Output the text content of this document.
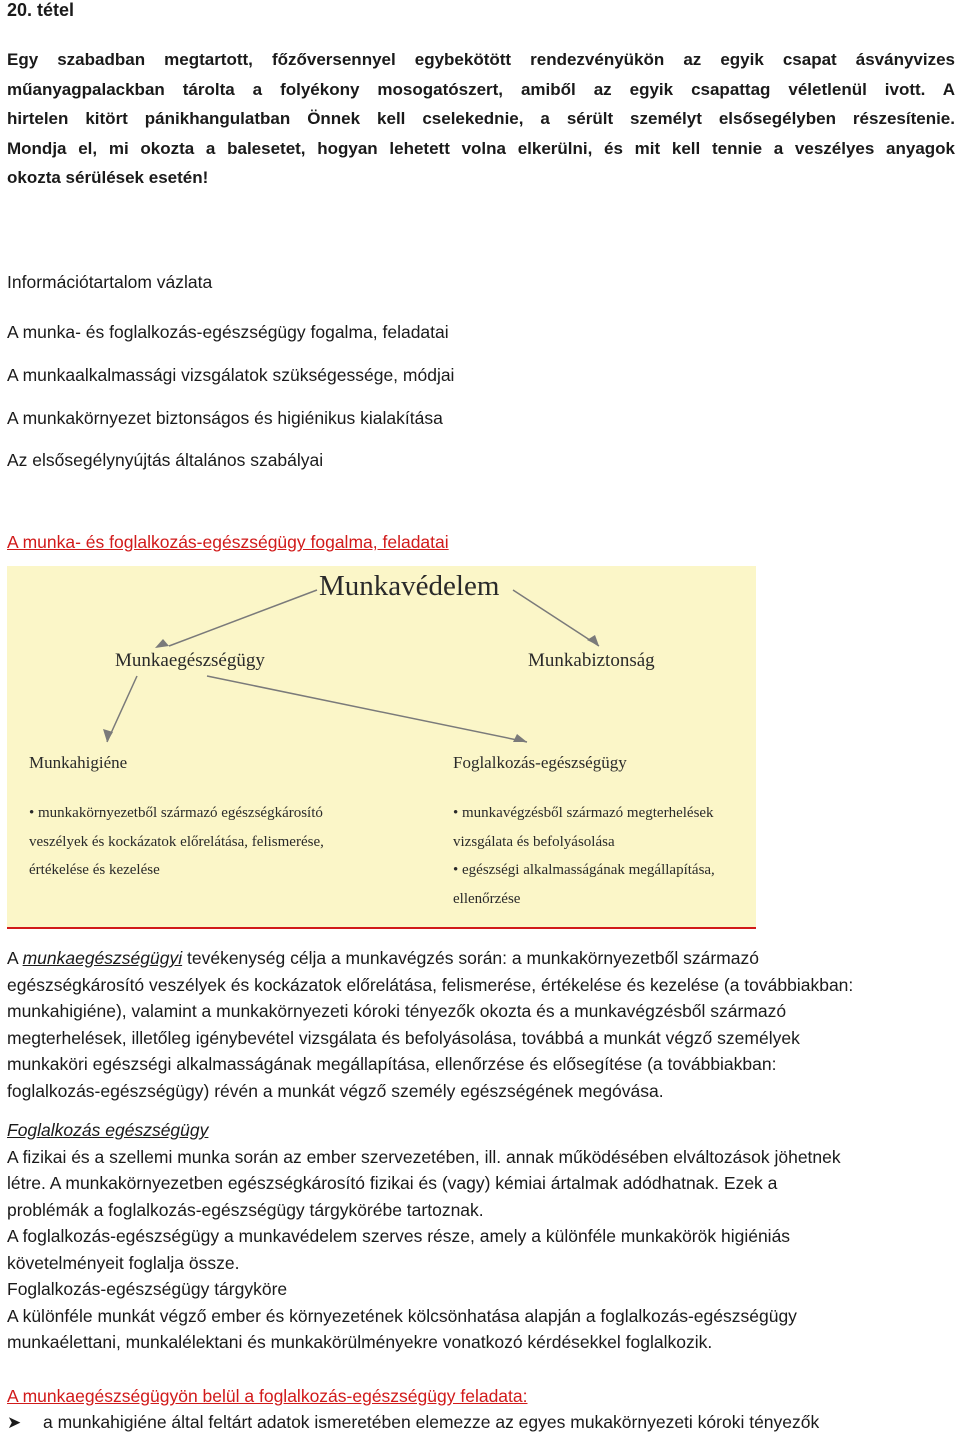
20. tétel
Egy szabadban megtartott, főzőversennyel egybekötött rendezvényükön az egyik csapat ásványvizes
műanyagpalackban tárolta a folyékony mosogatószert, amiből az egyik csapattag véletlenül ivott. A
hirtelen kitört pánikhangulatban Önnek kell cselekednie, a sérült személyt elsősegélyben részesítenie.
Mondja el, mi okozta a balesetet, hogyan lehetett volna elkerülni, és mit kell tennie a veszélyes anyagok
okozta sérülések esetén!
Információtartalom vázlata
A munka- és foglalkozás-egészségügy fogalma, feladatai
A munkaalkalmassági vizsgálatok szükségessége, módjai
A munkakörnyezet biztonságos és higiénikus kialakítása
Az elsősegélynyújtás általános szabályai
A munka- és foglalkozás-egészségügy fogalma, feladatai
Munkavédelem
Munkaegészségügy	Munkabiztonság
Munkahigiéne	Foglalkozás-egészségügy
• munkakörnyezetből származó egészségkárosító
veszélyek és kockázatok előrelátása, felismerése,
értékelése és kezelése
• munkavégzésből származó megterhelések
vizsgálata és befolyásolása
• egészségi alkalmasságának megállapítása,
ellenőrzése
A munkaegészségügyi tevékenység célja a munkavégzés során: a munkakörnyezetből származó
egészségkárosító veszélyek és kockázatok előrelátása, felismerése, értékelése és kezelése (a továbbiakban:
munkahigiéne), valamint a munkakörnyezeti kóroki tényezők okozta és a munkavégzésből származó
megterhelések, illetőleg igénybevétel vizsgálata és befolyásolása, továbbá a munkát végző személyek
munkaköri egészségi alkalmasságának megállapítása, ellenőrzése és elősegítése (a továbbiakban:
foglalkozás-egészségügy) révén a munkát végző személy egészségének megóvása.
Foglalkozás egészségügy
A fizikai és a szellemi munka során az ember szervezetében, ill. annak működésében elváltozások jöhetnek
létre. A munkakörnyezetben egészségkárosító fizikai és (vagy) kémiai ártalmak adódhatnak. Ezek a
problémák a foglalkozás-egészségügy tárgykörébe tartoznak.
A foglalkozás-egészségügy a munkavédelem szerves része, amely a különféle munkakörök higiéniás
követelményeit foglalja össze.
Foglalkozás-egészségügy tárgyköre
A különféle munkát végző ember és környezetének kölcsönhatása alapján a foglalkozás-egészségügy
munkaélettani, munkalélektani és munkakörülményekre vonatkozó kérdésekkel foglalkozik.
A munkaegészségügyön belül a foglalkozás-egészségügy feladata:
➤ a munkahigiéne által feltárt adatok ismeretében elemezze az egyes mukakörnyezeti kóroki tényezők
